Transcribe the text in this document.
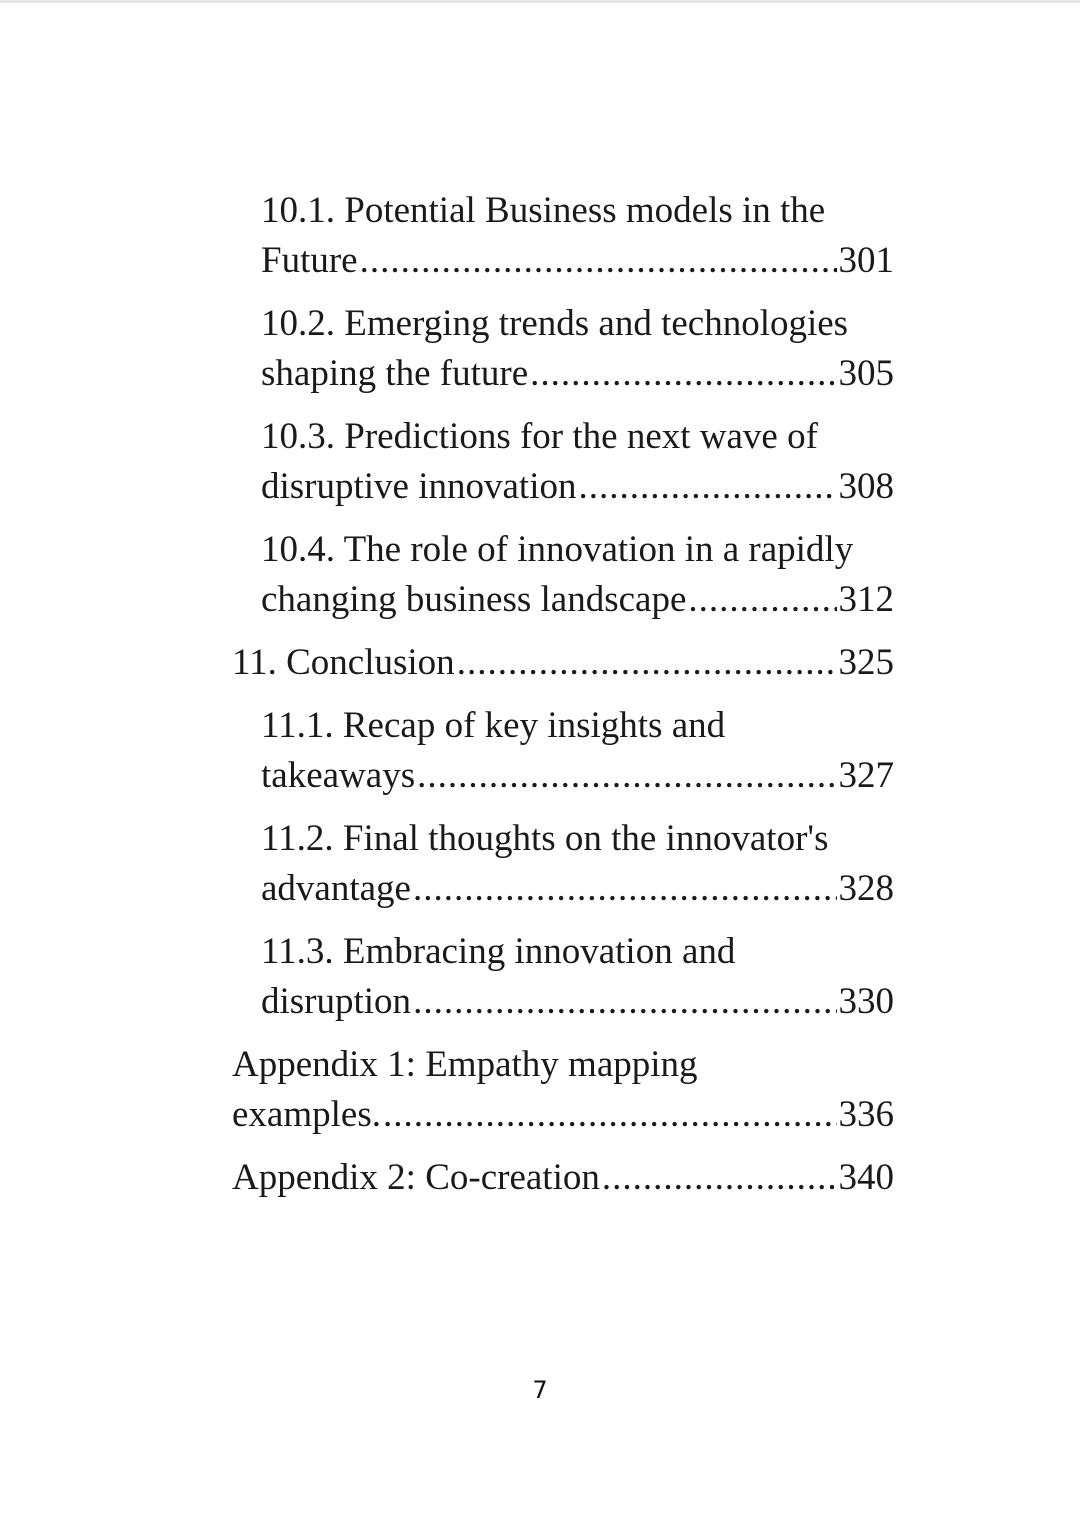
10.1. Potential Business models in the
Future .....	301
10.2. Emerging trends and technologies
shaping the future .....	305
10.3. Predictions for the next wave of
disruptive innovation .....	308
10.4. The role of innovation in a rapidly
changing business landscape .....	312
11. Conclusion .....	325
11.1. Recap of key insights and
takeaways .....	327
11.2. Final thoughts on the innovator's
advantage .....	328
11.3. Embracing innovation and
disruption .....	330
Appendix 1: Empathy mapping
examples. .....	336
Appendix 2: Co-creation .....	340
7
